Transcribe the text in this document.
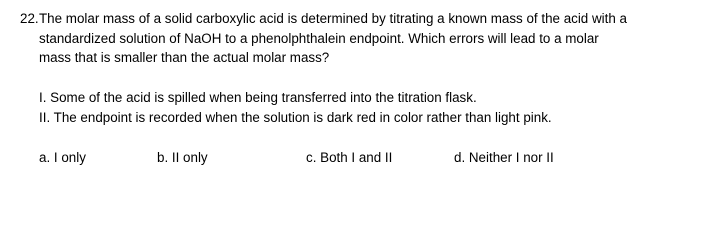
22.The molar mass of a solid carboxylic acid is determined by titrating a known mass of the acid with a
standardized solution of NaOH to a phenolphthalein endpoint. Which errors will lead to a molar
mass that is smaller than the actual molar mass?
I. Some of the acid is spilled when being transferred into the titration flask.
II. The endpoint is recorded when the solution is dark red in color rather than light pink.
a. I only	b. II only	c. Both I and II	d. Neither I nor II
